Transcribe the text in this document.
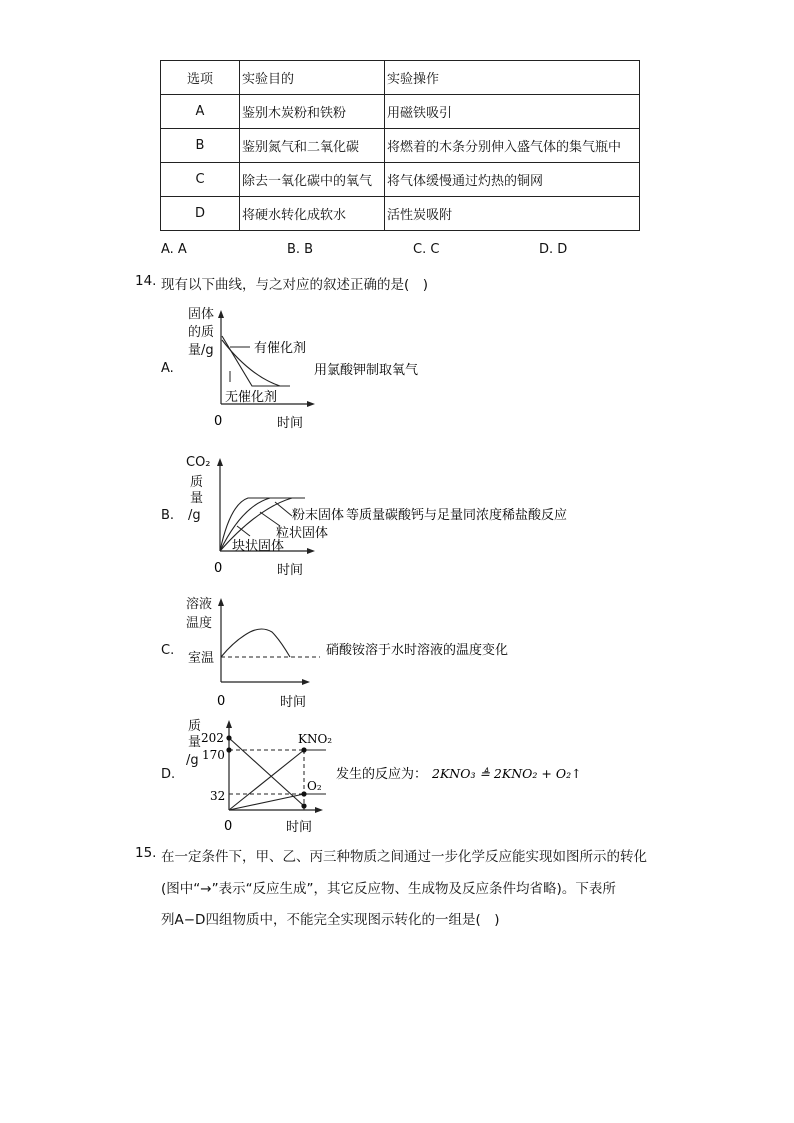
选项	实验目的	实验操作
A	鉴别木炭粉和铁粉	用磁铁吸引
B	鉴别氮气和二氧化碳	将燃着的木条分别伸入盛气体的集气瓶中
C	除去一氧化碳中的氧气	将气体缓慢通过灼热的铜网
D	将硬水转化成软水	活性炭吸附
A. A	B. B	C. C	D. D
14. 现有以下曲线，与之对应的叙述正确的是(　)
A.
固体
的质
量/g	有催化剂
无催化剂
0	时间
用氯酸钾制取氧气
B.
CO₂
质
量
/g	粉末固体
粒状固体
块状固体
0	时间
等质量碳酸钙与足量同浓度稀盐酸反应
C.
溶液
温度
室温
0	时间
硝酸铵溶于水时溶液的温度变化
D.
质
量
/g
202
170
32
KNO₂
O₂
0	时间
发生的反应为： 2KNO₃ ≜ 2KNO₂ + O₂↑
15. 在一定条件下，甲、乙、丙三种物质之间通过一步化学反应能实现如图所示的转化
(图中“→”表示“反应生成”，其它反应物、生成物及反应条件均省略)。下表所
列A−D四组物质中，不能完全实现图示转化的一组是(　)
